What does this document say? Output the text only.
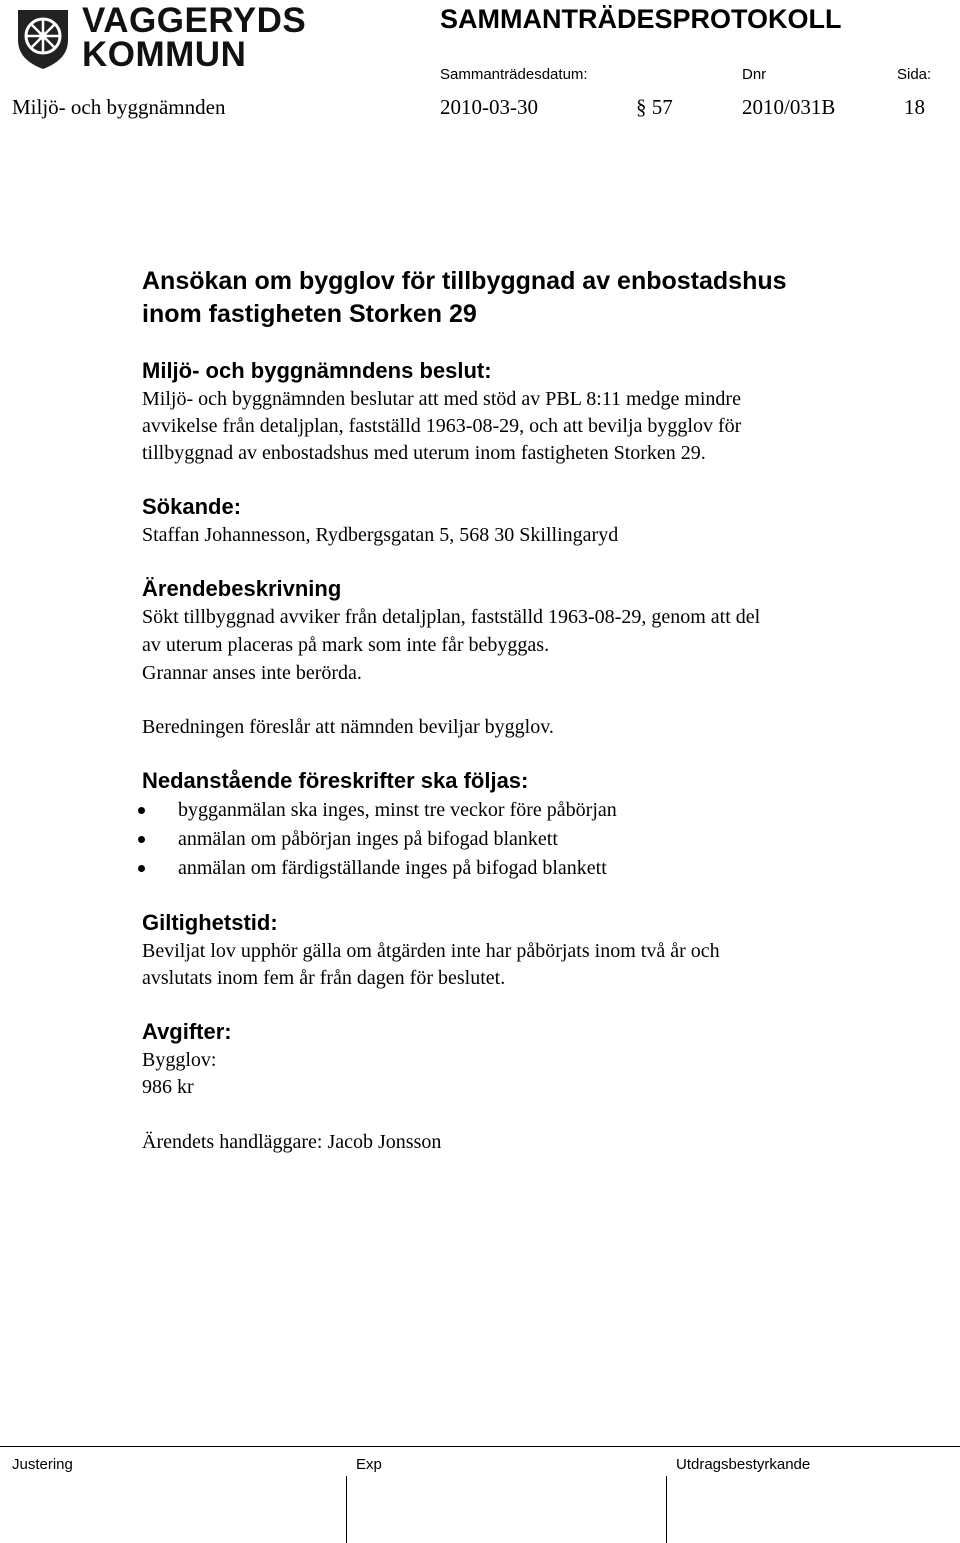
VAGGERYDS
KOMMUN
SAMMANTRÄDESPROTOKOLL
Sammanträdesdatum:	Dnr	Sida:
Miljö- och byggnämnden	2010-03-30	§ 57	2010/031B	18
Ansökan om bygglov för tillbyggnad av enbostadshus
inom fastigheten Storken 29
Miljö- och byggnämndens beslut:
Miljö- och byggnämnden beslutar att med stöd av PBL 8:11 medge mindre
avvikelse från detaljplan, fastställd 1963-08-29, och att bevilja bygglov för
tillbyggnad av enbostadshus med uterum inom fastigheten Storken 29.
Sökande:
Staffan Johannesson, Rydbergsgatan 5, 568 30 Skillingaryd
Ärendebeskrivning
Sökt tillbyggnad avviker från detaljplan, fastställd 1963-08-29, genom att del
av uterum placeras på mark som inte får bebyggas.
Grannar anses inte berörda.
Beredningen föreslår att nämnden beviljar bygglov.
Nedanstående föreskrifter ska följas:
bygganmälan ska inges, minst tre veckor före påbörjan
anmälan om påbörjan inges på bifogad blankett
anmälan om färdigställande inges på bifogad blankett
Giltighetstid:
Beviljat lov upphör gälla om åtgärden inte har påbörjats inom två år och
avslutats inom fem år från dagen för beslutet.
Avgifter:
Bygglov:
986 kr
Ärendets handläggare: Jacob Jonsson
Justering	Exp	Utdragsbestyrkande
